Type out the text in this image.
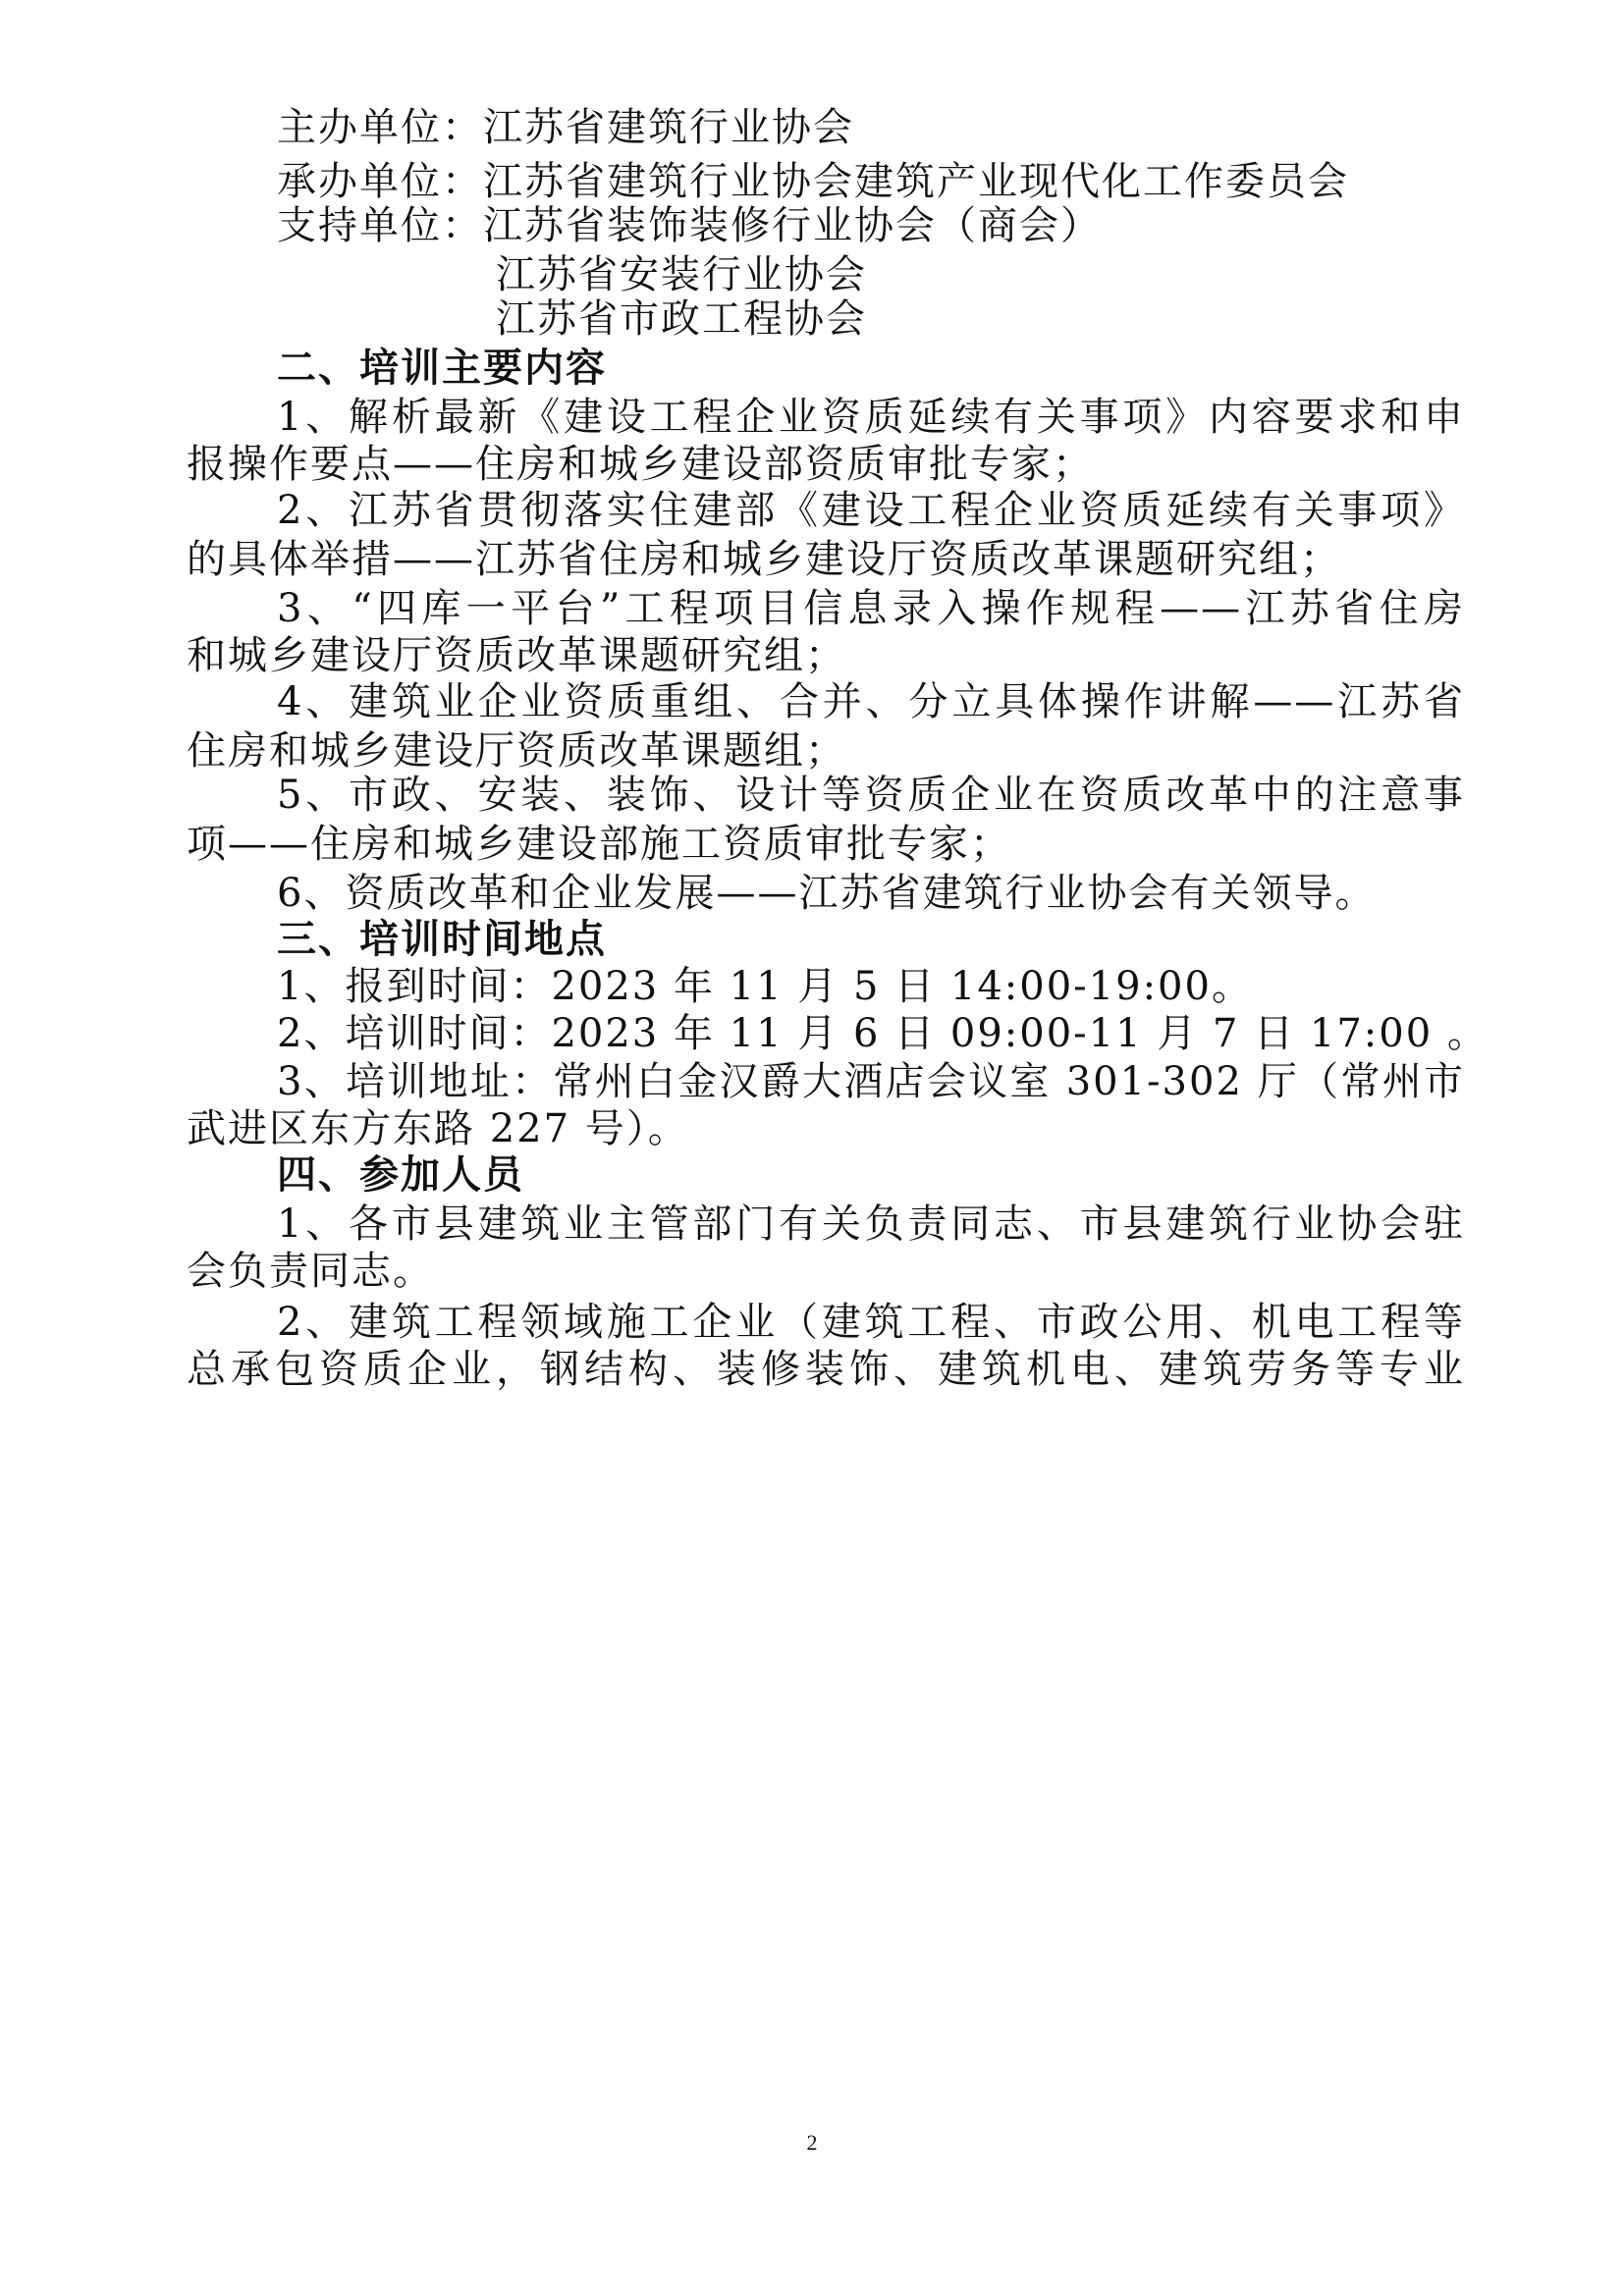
主办单位：江苏省建筑行业协会
承办单位：江苏省建筑行业协会建筑产业现代化工作委员会
支持单位：江苏省装饰装修行业协会（商会）
江苏省安装行业协会
江苏省市政工程协会
二、培训主要内容
1、解析最新《建设工程企业资质延续有关事项》内容要求和申
报操作要点——住房和城乡建设部资质审批专家；
2、江苏省贯彻落实住建部《建设工程企业资质延续有关事项》
的具体举措——江苏省住房和城乡建设厅资质改革课题研究组；
3、“四库一平台”工程项目信息录入操作规程——江苏省住房
和城乡建设厅资质改革课题研究组；
4、建筑业企业资质重组、合并、分立具体操作讲解——江苏省
住房和城乡建设厅资质改革课题组；
5、市政、安装、装饰、设计等资质企业在资质改革中的注意事
项——住房和城乡建设部施工资质审批专家；
6、资质改革和企业发展——江苏省建筑行业协会有关领导。
三、培训时间地点
1、报到时间：2023 年 11 月 5 日 14:00-19:00。
2、培训时间：2023 年 11 月 6 日 09:00-11 月 7 日 17:00 。
3、培训地址：常州白金汉爵大酒店会议室 301-302 厅（常州市
武进区东方东路 227 号）。
四、参加人员
1、各市县建筑业主管部门有关负责同志、市县建筑行业协会驻
会负责同志。
2、建筑工程领域施工企业（建筑工程、市政公用、机电工程等
总承包资质企业，钢结构、装修装饰、建筑机电、建筑劳务等专业
2
